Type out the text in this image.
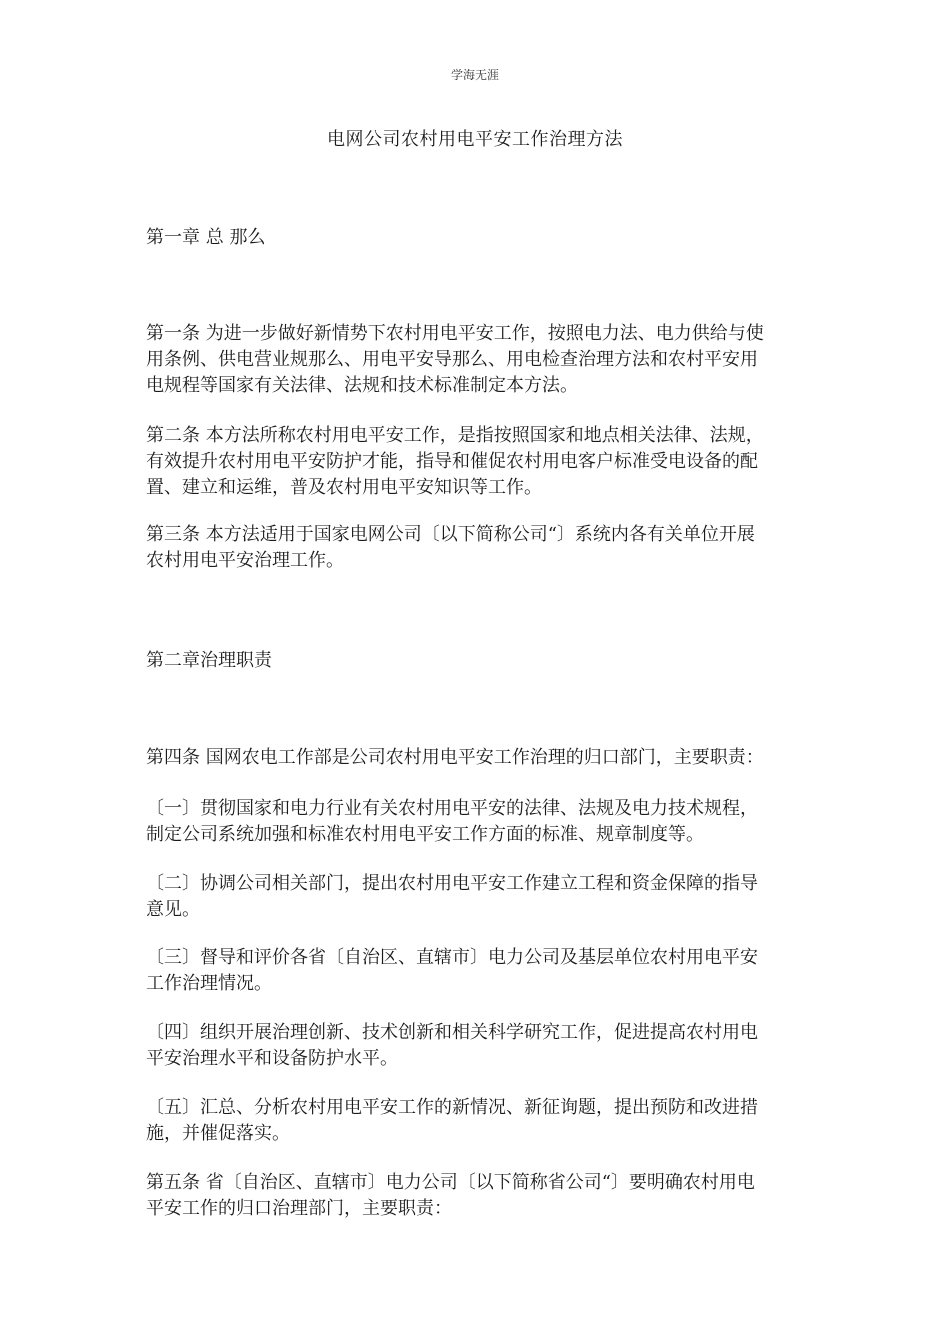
学海无涯
电网公司农村用电平安工作治理方法
第一章 总 那么

第一条 为进一步做好新情势下农村用电平安工作，按照电力法、电力供给与使
用条例、供电营业规那么、用电平安导那么、用电检查治理方法和农村平安用
电规程等国家有关法律、法规和技术标准制定本方法。

第二条 本方法所称农村用电平安工作，是指按照国家和地点相关法律、法规，
有效提升农村用电平安防护才能，指导和催促农村用电客户标准受电设备的配
置、建立和运维，普及农村用电平安知识等工作。

第三条 本方法适用于国家电网公司〔以下简称公司“〕系统内各有关单位开展
农村用电平安治理工作。

第二章治理职责

第四条 国网农电工作部是公司农村用电平安工作治理的归口部门，主要职责：

〔一〕贯彻国家和电力行业有关农村用电平安的法律、法规及电力技术规程，
制定公司系统加强和标准农村用电平安工作方面的标准、规章制度等。

〔二〕协调公司相关部门，提出农村用电平安工作建立工程和资金保障的指导
意见。

〔三〕督导和评价各省〔自治区、直辖市〕电力公司及基层单位农村用电平安
工作治理情况。

〔四〕组织开展治理创新、技术创新和相关科学研究工作，促进提高农村用电
平安治理水平和设备防护水平。

〔五〕汇总、分析农村用电平安工作的新情况、新征询题，提出预防和改进措
施，并催促落实。

第五条 省〔自治区、直辖市〕电力公司〔以下简称省公司“〕要明确农村用电
平安工作的归口治理部门，主要职责：
